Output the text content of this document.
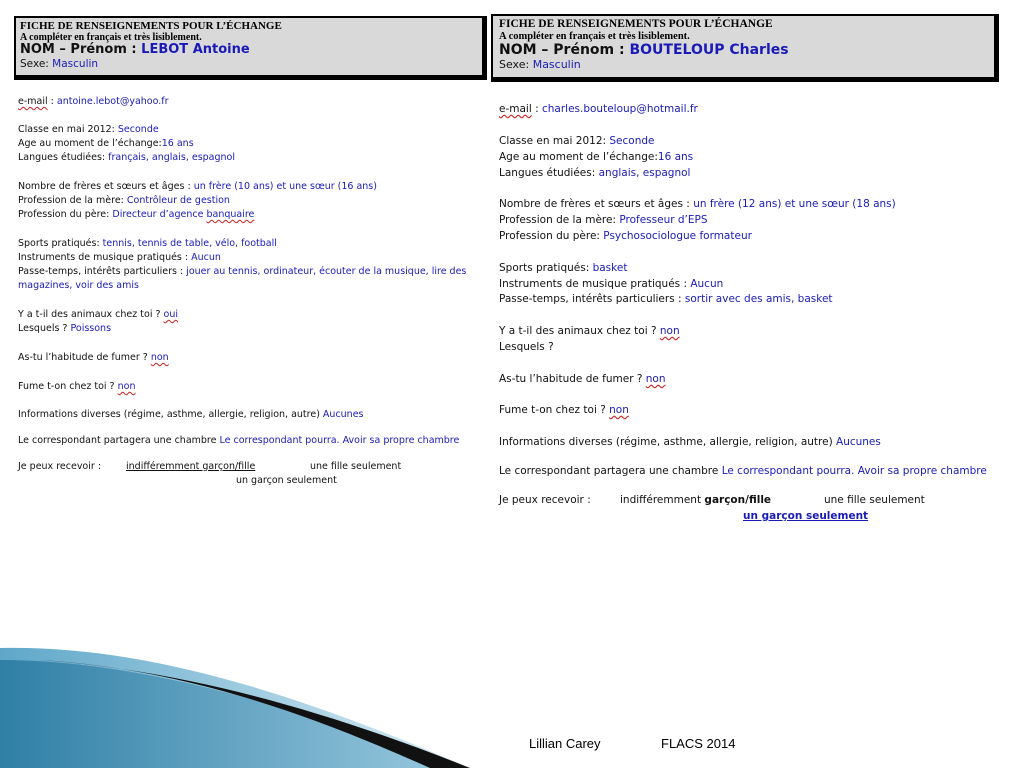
FICHE DE RENSEIGNEMENTS POUR L’ÉCHANGE
A compléter en français et très lisiblement.
NOM – Prénom : LEBOT Antoine
Sexe: Masculin
e-mail : antoine.lebot@yahoo.fr
Classe en mai 2012: Seconde
Age au moment de l’échange:16 ans
Langues étudiées: français, anglais, espagnol
Nombre de frères et sœurs et âges : un frère (10 ans) et une sœur (16 ans)
Profession de la mère: Contrôleur de gestion
Profession du père: Directeur d’agence banquaire
Sports pratiqués: tennis, tennis de table, vélo, football
Instruments de musique pratiqués : Aucun
Passe-temps, intérêts particuliers : jouer au tennis, ordinateur, écouter de la musique, lire des
magazines, voir des amis
Y a t-il des animaux chez toi ? oui
Lesquels ? Poissons
As-tu l’habitude de fumer ? non
Fume t-on chez toi ? non
Informations diverses (régime, asthme, allergie, religion, autre) Aucunes
Le correspondant partagera une chambre Le correspondant pourra. Avoir sa propre chambre
Je peux recevoir :	indifféremment garçon/fille	une fille seulement
un garçon seulement
FICHE DE RENSEIGNEMENTS POUR L’ÉCHANGE
A compléter en français et très lisiblement.
NOM – Prénom : BOUTELOUP Charles
Sexe: Masculin
e-mail : charles.bouteloup@hotmail.fr
Classe en mai 2012: Seconde
Age au moment de l’échange:16 ans
Langues étudiées: anglais, espagnol
Nombre de frères et sœurs et âges : un frère (12 ans) et une sœur (18 ans)
Profession de la mère: Professeur d’EPS
Profession du père: Psychosociologue formateur
Sports pratiqués: basket
Instruments de musique pratiqués : Aucun
Passe-temps, intérêts particuliers : sortir avec des amis, basket
Y a t-il des animaux chez toi ? non
Lesquels ?
As-tu l’habitude de fumer ? non
Fume t-on chez toi ? non
Informations diverses (régime, asthme, allergie, religion, autre) Aucunes
Le correspondant partagera une chambre Le correspondant pourra. Avoir sa propre chambre
Je peux recevoir :	indifféremment garçon/fille	une fille seulement
un garçon seulement
Lillian Carey	FLACS 2014
